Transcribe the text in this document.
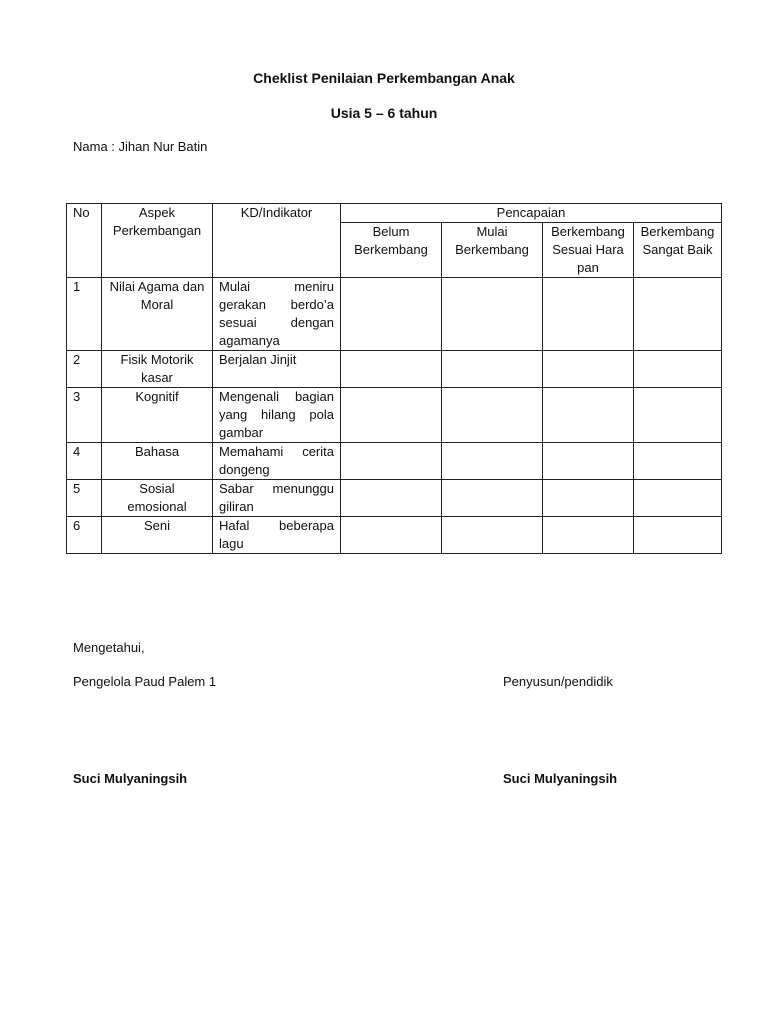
Cheklist Penilaian Perkembangan Anak
Usia 5 – 6 tahun
Nama : Jihan Nur Batin
No	Aspek Perkembangan	KD/Indikator	Pencapaian			
			Belum Berkembang	Mulai Berkembang	Berkembang Sesuai Harapan	Berkembang Sangat Baik
1	Nilai Agama dan Moral	Mulai meniru gerakan berdo’a sesuai dengan agamanya				
2	Fisik Motorik kasar	Berjalan Jinjit				
3	Kognitif	Mengenali bagian yang hilang pola gambar				
4	Bahasa	Memahami cerita dongeng				
5	Sosial emosional	Sabar menunggu giliran				
6	Seni	Hafal beberapa lagu				
Mengetahui,
Pengelola Paud Palem 1	Penyusun/pendidik
Suci Mulyaningsih	Suci Mulyaningsih
